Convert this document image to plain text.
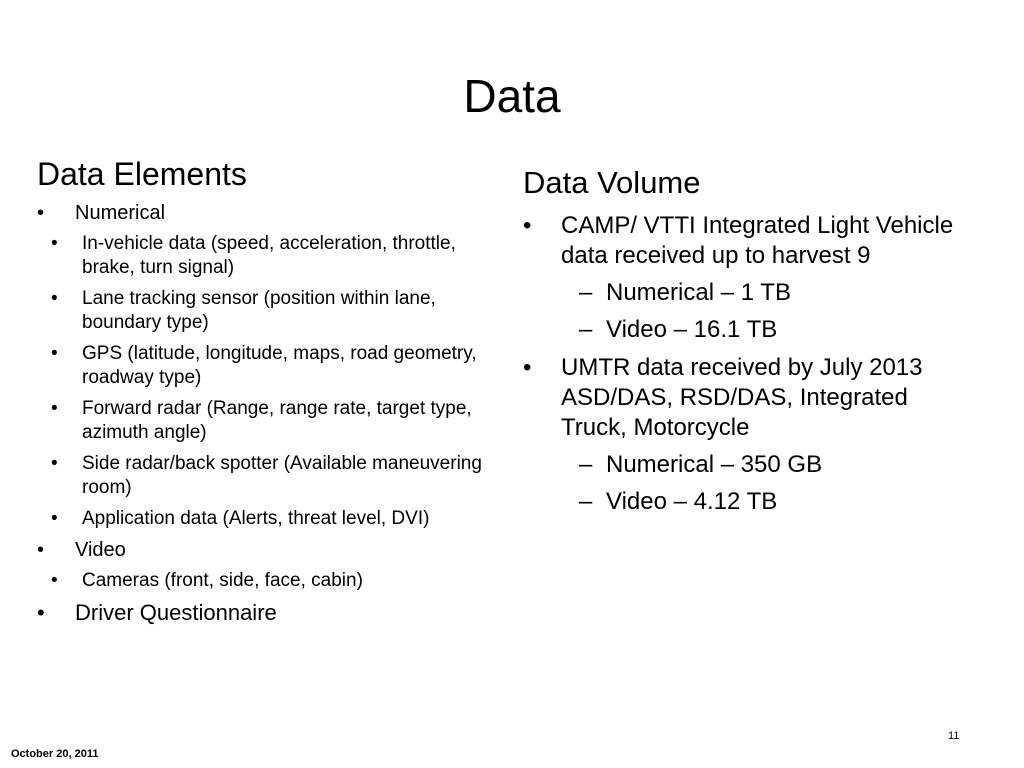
Data
Data Elements
• Numerical
• In-vehicle data (speed, acceleration, throttle, brake, turn signal)
• Lane tracking sensor (position within lane, boundary type)
• GPS (latitude, longitude, maps, road geometry, roadway type)
• Forward radar (Range, range rate, target type, azimuth angle)
• Side radar/back spotter (Available maneuvering room)
• Application data (Alerts, threat level, DVI)
• Video
• Cameras (front, side, face, cabin)
• Driver Questionnaire
Data Volume
• CAMP/ VTTI Integrated Light Vehicle data received up to harvest 9
– Numerical – 1 TB
– Video – 16.1 TB
• UMTR data received by July 2013 ASD/DAS, RSD/DAS, Integrated Truck, Motorcycle
– Numerical – 350 GB
– Video – 4.12 TB
11
October 20, 2011
